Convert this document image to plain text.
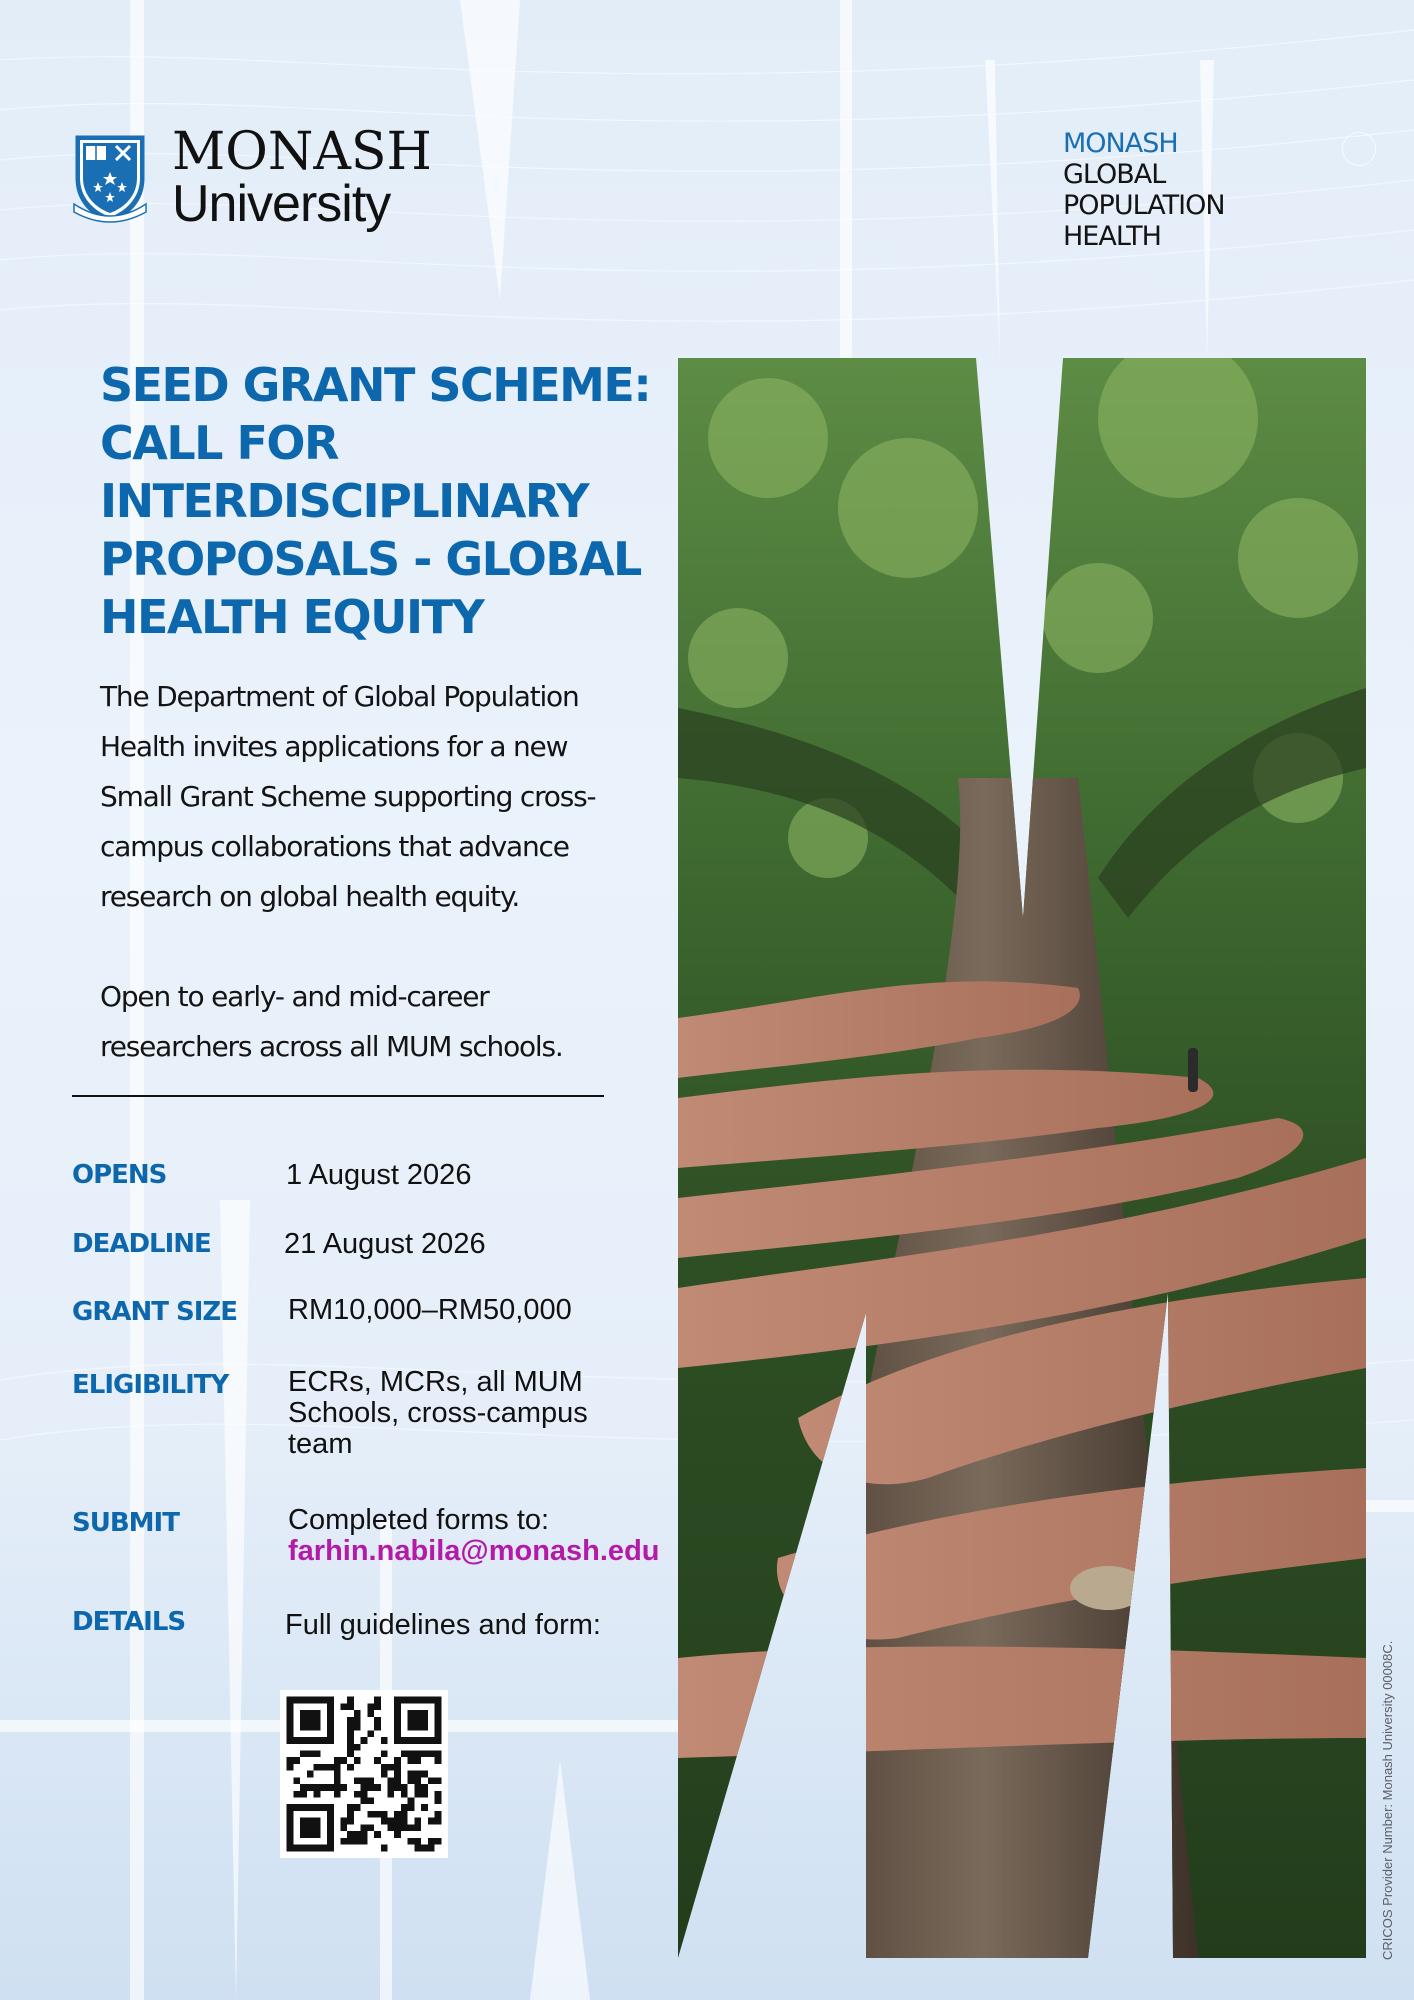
MONASH
University
MONASH
GLOBAL
POPULATION
HEALTH
SEED GRANT SCHEME:
CALL FOR
INTERDISCIPLINARY
PROPOSALS - GLOBAL
HEALTH EQUITY
The Department of Global Population
Health invites applications for a new
Small Grant Scheme supporting cross-
campus collaborations that advance
research on global health equity.
Open to early- and mid-career
researchers across all MUM schools.
OPENS	1 August 2026
DEADLINE	21 August 2026
GRANT SIZE RM10,000–RM50,000
ELIGIBILITY ECRs, MCRs, all MUM
Schools, cross-campus
team
SUBMIT	Completed forms to:
farhin.nabila@monash.edu
DETAILS	Full guidelines and form:
CRICOS Provider Number: Monash University 00008C.
